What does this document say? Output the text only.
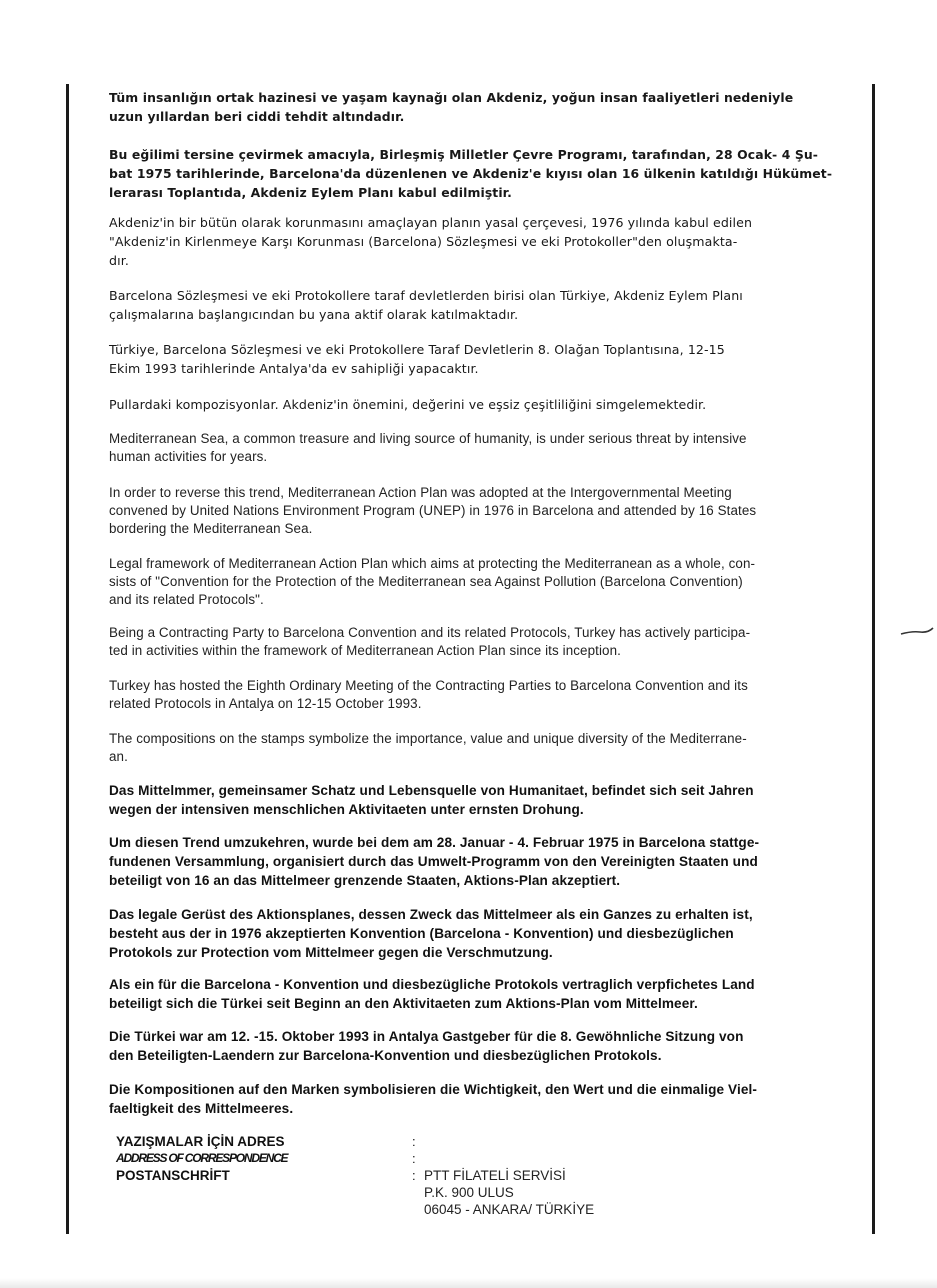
Tüm insanlığın ortak hazinesi ve yaşam kaynağı olan Akdeniz, yoğun insan faaliyetleri nedeniyle
uzun yıllardan beri ciddi tehdit altındadır.

Bu eğilimi tersine çevirmek amacıyla, Birleşmiş Milletler Çevre Programı, tarafından, 28 Ocak- 4 Şu-
bat 1975 tarihlerinde, Barcelona'da düzenlenen ve Akdeniz'e kıyısı olan 16 ülkenin katıldığı Hükümet-
lerarası Toplantıda, Akdeniz Eylem Planı kabul edilmiştir.

Akdeniz'in bir bütün olarak korunmasını amaçlayan planın yasal çerçevesi, 1976 yılında kabul edilen
"Akdeniz'in Kirlenmeye Karşı Korunması (Barcelona) Sözleşmesi ve eki Protokoller"den oluşmakta-
dır.

Barcelona Sözleşmesi ve eki Protokollere taraf devletlerden birisi olan Türkiye, Akdeniz Eylem Planı
çalışmalarına başlangıcından bu yana aktif olarak katılmaktadır.

Türkiye, Barcelona Sözleşmesi ve eki Protokollere Taraf Devletlerin 8. Olağan Toplantısına, 12-15
Ekim 1993 tarihlerinde Antalya'da ev sahipliği yapacaktır.

Pullardaki kompozisyonlar. Akdeniz'in önemini, değerini ve eşsiz çeşitliliğini simgelemektedir.

Mediterranean Sea, a common treasure and living source of humanity, is under serious threat by intensive
human activities for years.

In order to reverse this trend, Mediterranean Action Plan was adopted at the Intergovernmental Meeting
convened by United Nations Environment Program (UNEP) in 1976 in Barcelona and attended by 16 States
bordering the Mediterranean Sea.

Legal framework of Mediterranean Action Plan which aims at protecting the Mediterranean as a whole, con-
sists of "Convention for the Protection of the Mediterranean sea Against Pollution (Barcelona Convention)
and its related Protocols".

Being a Contracting Party to Barcelona Convention and its related Protocols, Turkey has actively participa-
ted in activities within the framework of Mediterranean Action Plan since its inception.

Turkey has hosted the Eighth Ordinary Meeting of the Contracting Parties to Barcelona Convention and its
related Protocols in Antalya on 12-15 October 1993.

The compositions on the stamps symbolize the importance, value and unique diversity of the Mediterrane-
an.

Das Mittelmmer, gemeinsamer Schatz und Lebensquelle von Humanitaet, befindet sich seit Jahren
wegen der intensiven menschlichen Aktivitaeten unter ernsten Drohung.

Um diesen Trend umzukehren, wurde bei dem am 28. Januar - 4. Februar 1975 in Barcelona stattge-
fundenen Versammlung, organisiert durch das Umwelt-Programm von den Vereinigten Staaten und
beteiligt von 16 an das Mittelmeer grenzende Staaten, Aktions-Plan akzeptiert.

Das legale Gerüst des Aktionsplanes, dessen Zweck das Mittelmeer als ein Ganzes zu erhalten ist,
besteht aus der in 1976 akzeptierten Konvention (Barcelona - Konvention) und diesbezüglichen
Protokols zur Protection vom Mittelmeer gegen die Verschmutzung.

Als ein für die Barcelona - Konvention und diesbezügliche Protokols vertraglich verpfichetes Land
beteiligt sich die Türkei seit Beginn an den Aktivitaeten zum Aktions-Plan vom Mittelmeer.

Die Türkei war am 12. -15. Oktober 1993 in Antalya Gastgeber für die 8. Gewöhnliche Sitzung von
den Beteiligten-Laendern zur Barcelona-Konvention und diesbezüglichen Protokols.

Die Kompositionen auf den Marken symbolisieren die Wichtigkeit, den Wert und die einmalige Viel-
faeltigkeit des Mittelmeeres.

YAZIŞMALAR İÇİN ADRES

ADDRESS OF CORRESPONDENCE

POSTANSCHRİFT

:

:

: PTT FİLATELİ SERVİSİ

P.K. 900 ULUS

06045 - ANKARA/ TÜRKİYE
